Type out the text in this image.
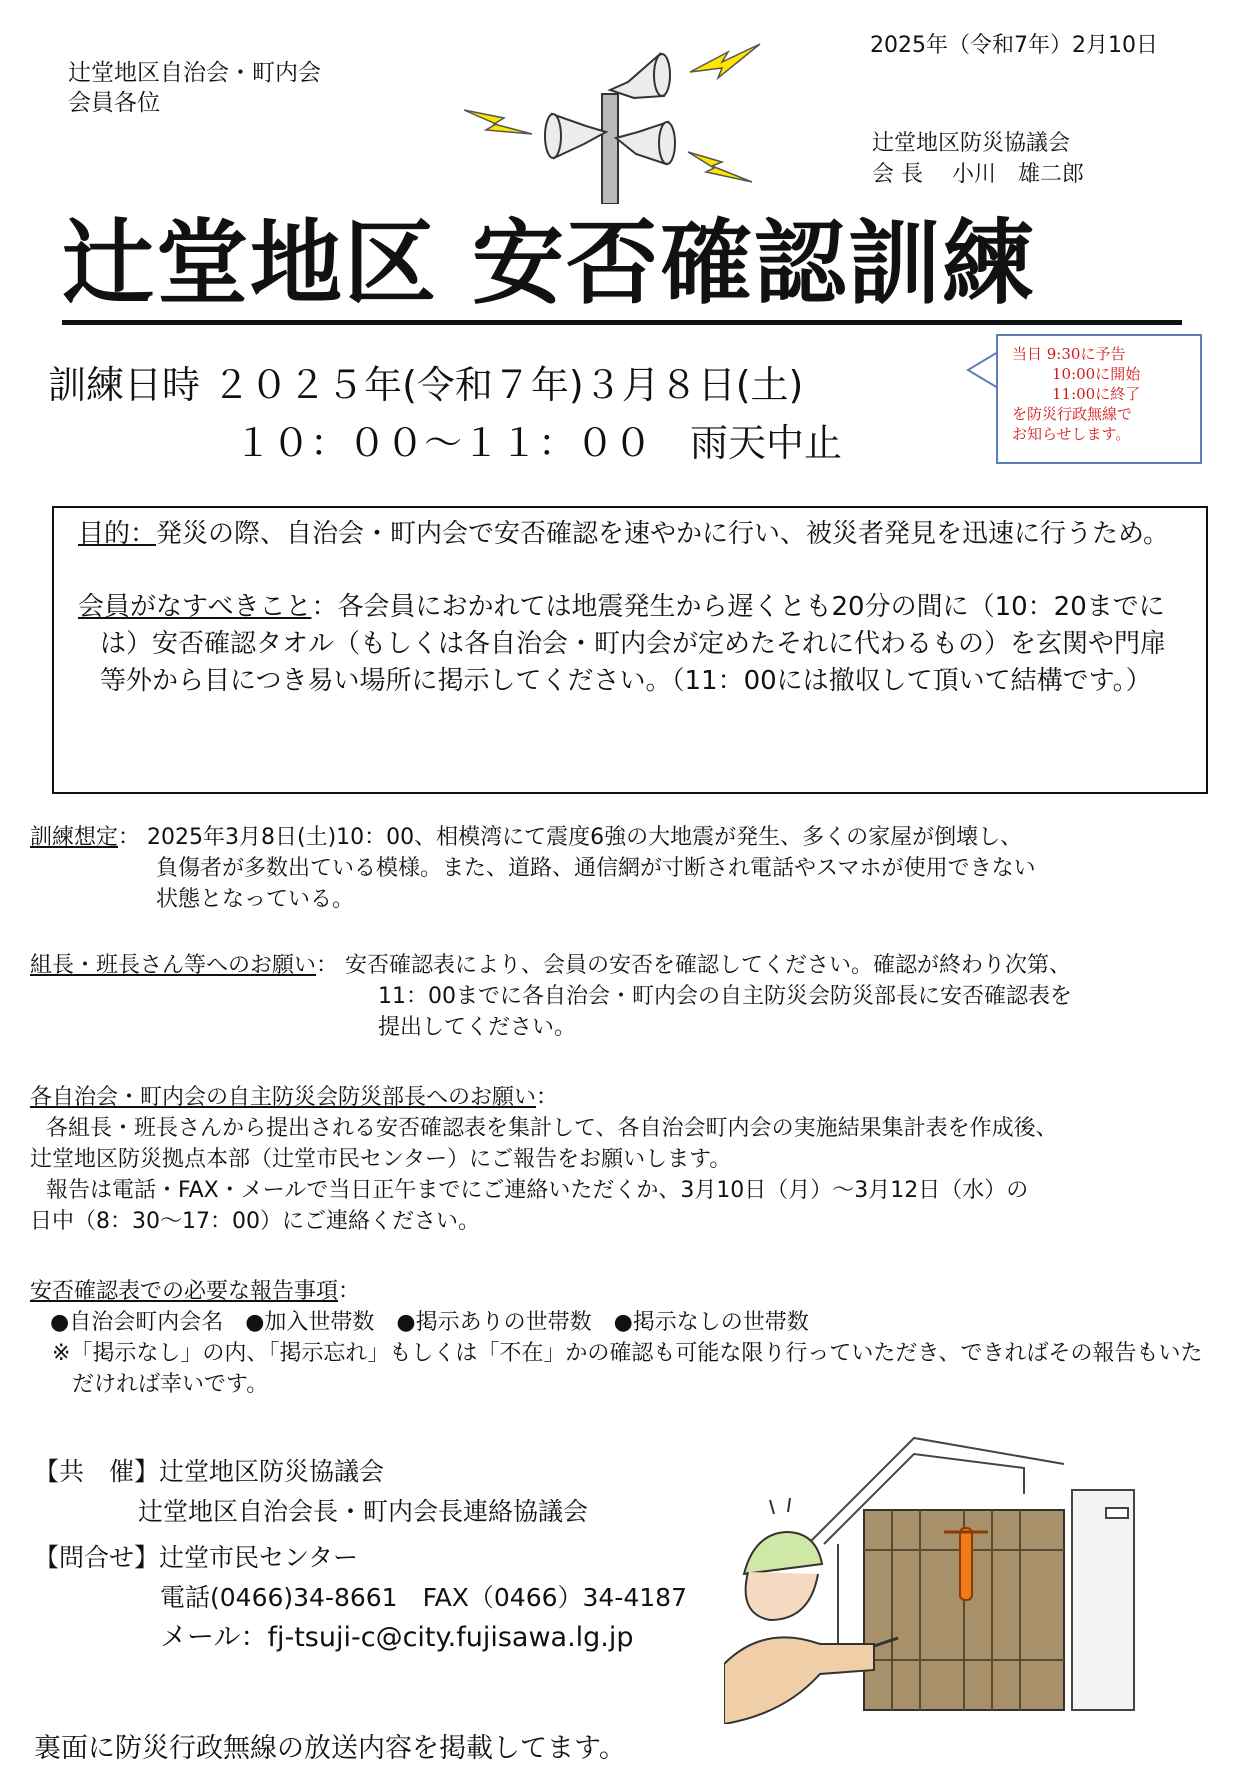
2025年（令和7年）2月10日
辻堂地区自治会・町内会
会員各位
辻堂地区防災協議会
会 長　 小川　雄二郎
辻堂地区 安否確認訓練
訓練日時 ２０２５年(令和７年)３月８日(土)
１０：００～１１：００　雨天中止
当日 9:30に予告
10:00に開始
11:00に終了
を防災行政無線で
お知らせします。

目的：発災の際、自治会・町内会で安否確認を速やかに行い、被災者発見を迅速に行うため。

会員がなすべきこと：各会員におかれては地震発生から遅くとも20分の間に（10：20までには）安否確認タオル（もしくは各自治会・町内会が定めたそれに代わるもの）を玄関や門扉等外から目につき易い場所に掲示してください。（11：00には撤収して頂いて結構です。）

訓練想定： 2025年3月8日(土)10：00、相模湾にて震度6強の大地震が発生、多くの家屋が倒壊し、

負傷者が多数出ている模様。また、道路、通信網が寸断され電話やスマホが使用できない

状態となっている。

組長・班長さん等へのお願い： 安否確認表により、会員の安否を確認してください。確認が終わり次第、

11：00までに各自治会・町内会の自主防災会防災部長に安否確認表を

提出してください。

各自治会・町内会の自主防災会防災部長へのお願い：

各組長・班長さんから提出される安否確認表を集計して、各自治会町内会の実施結果集計表を作成後、

辻堂地区防災拠点本部（辻堂市民センター）にご報告をお願いします。

報告は電話・FAX・メールで当日正午までにご連絡いただくか、3月10日（月）～3月12日（水）の

日中（8：30～17：00）にご連絡ください。

安否確認表での必要な報告事項：

●自治会町内会名　●加入世帯数　●掲示ありの世帯数　●掲示なしの世帯数

※「掲示なし」の内、「掲示忘れ」もしくは「不在」かの確認も可能な限り行っていただき、できればその報告もいただければ幸いです。

【共　催】辻堂地区防災協議会
辻堂地区自治会長・町内会長連絡協議会
【問合せ】辻堂市民センター
電話(0466)34-8661　FAX（0466）34-4187
メール：fj-tsuji-c@city.fujisawa.lg.jp
裏面に防災行政無線の放送内容を掲載してます。
